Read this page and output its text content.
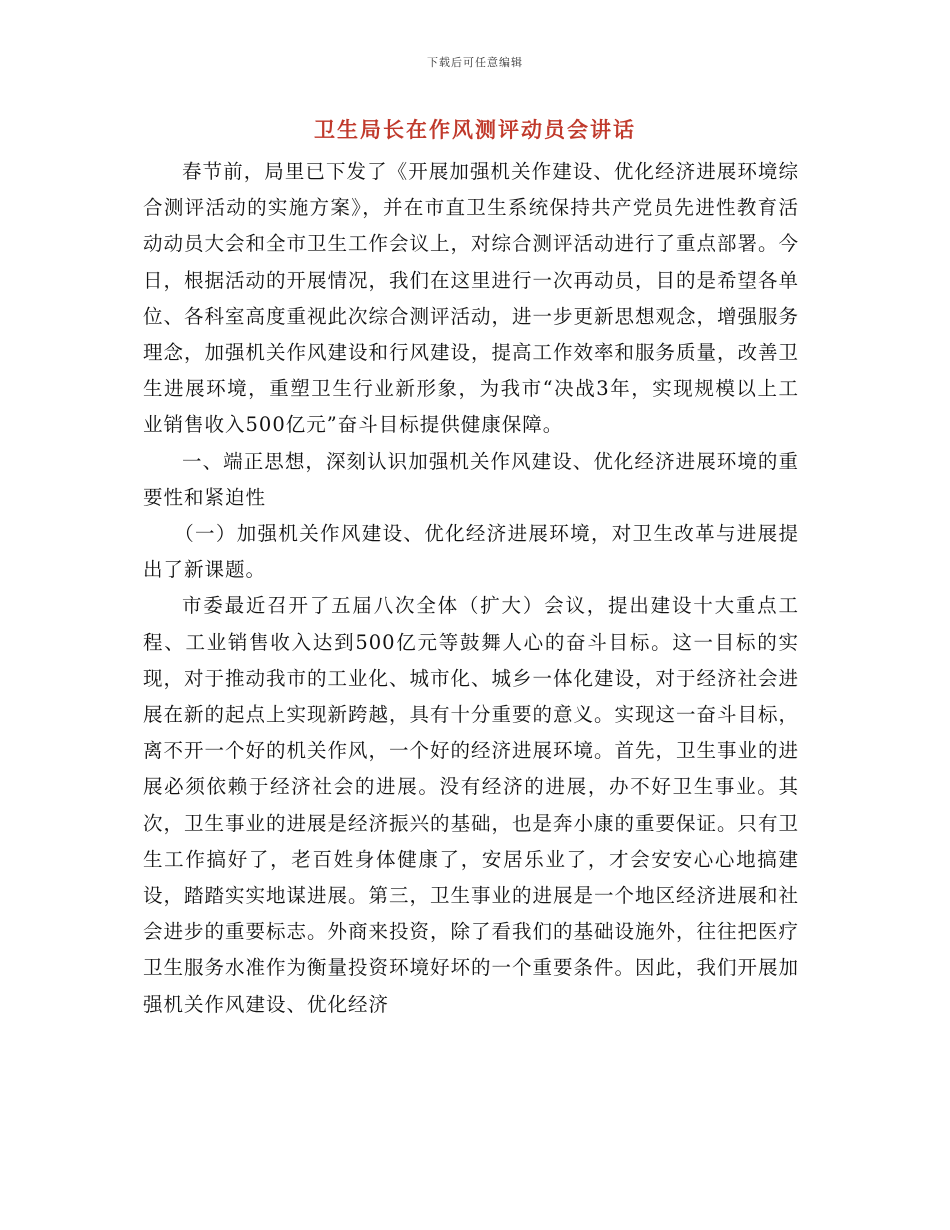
下载后可任意编辑
卫生局长在作风测评动员会讲话

春节前，局里已下发了《开展加强机关作建设、优化经济进展环境综合测评活动的实施方案》，并在市直卫生系统保持共产党员先进性教育活动动员大会和全市卫生工作会议上，对综合测评活动进行了重点部署。今日，根据活动的开展情况，我们在这里进行一次再动员，目的是希望各单位、各科室高度重视此次综合测评活动，进一步更新思想观念，增强服务理念，加强机关作风建设和行风建设，提高工作效率和服务质量，改善卫生进展环境，重塑卫生行业新形象，为我市“决战3年，实现规模以上工业销售收入500亿元”奋斗目标提供健康保障。

一、端正思想，深刻认识加强机关作风建设、优化经济进展环境的重要性和紧迫性

（一）加强机关作风建设、优化经济进展环境，对卫生改革与进展提出了新课题。

市委最近召开了五届八次全体（扩大）会议，提出建设十大重点工程、工业销售收入达到500亿元等鼓舞人心的奋斗目标。这一目标的实现，对于推动我市的工业化、城市化、城乡一体化建设，对于经济社会进展在新的起点上实现新跨越，具有十分重要的意义。实现这一奋斗目标，离不开一个好的机关作风，一个好的经济进展环境。首先，卫生事业的进展必须依赖于经济社会的进展。没有经济的进展，办不好卫生事业。其次，卫生事业的进展是经济振兴的基础，也是奔小康的重要保证。只有卫生工作搞好了，老百姓身体健康了，安居乐业了，才会安安心心地搞建设，踏踏实实地谋进展。第三，卫生事业的进展是一个地区经济进展和社会进步的重要标志。外商来投资，除了看我们的基础设施外，往往把医疗卫生服务水准作为衡量投资环境好坏的一个重要条件。因此，我们开展加强机关作风建设、优化经济
